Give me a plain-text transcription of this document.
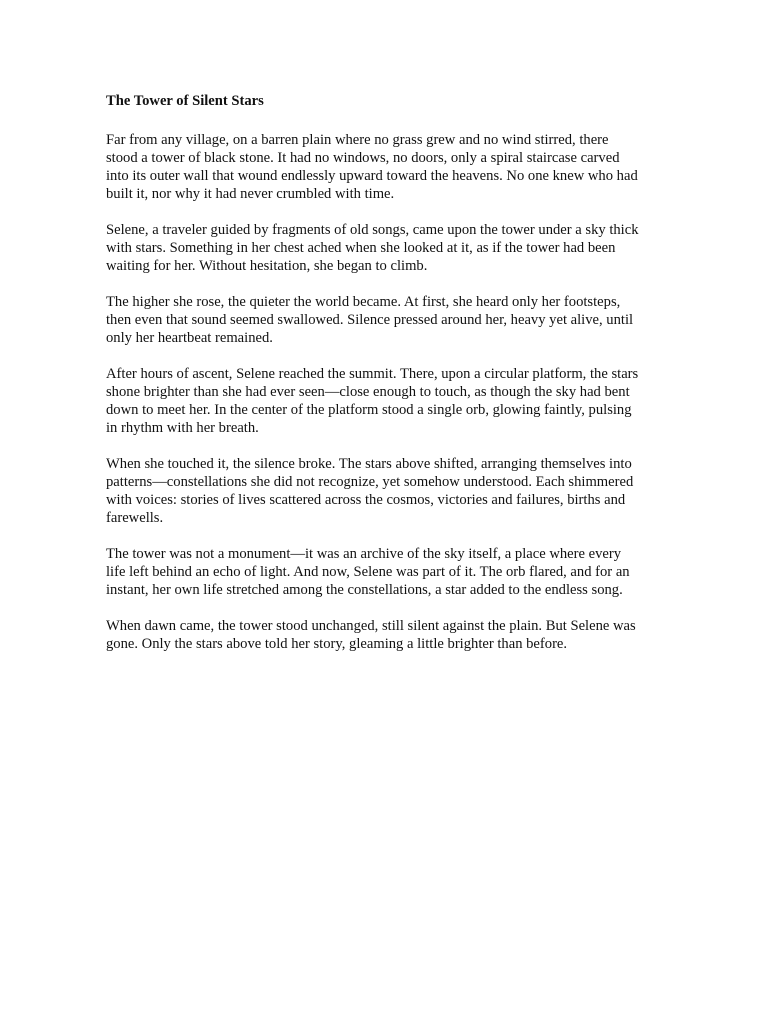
The Tower of Silent Stars
Far from any village, on a barren plain where no grass grew and no wind stirred, there
stood a tower of black stone. It had no windows, no doors, only a spiral staircase carved
into its outer wall that wound endlessly upward toward the heavens. No one knew who had
built it, nor why it had never crumbled with time.
Selene, a traveler guided by fragments of old songs, came upon the tower under a sky thick
with stars. Something in her chest ached when she looked at it, as if the tower had been
waiting for her. Without hesitation, she began to climb.
The higher she rose, the quieter the world became. At first, she heard only her footsteps,
then even that sound seemed swallowed. Silence pressed around her, heavy yet alive, until
only her heartbeat remained.
After hours of ascent, Selene reached the summit. There, upon a circular platform, the stars
shone brighter than she had ever seen—close enough to touch, as though the sky had bent
down to meet her. In the center of the platform stood a single orb, glowing faintly, pulsing
in rhythm with her breath.
When she touched it, the silence broke. The stars above shifted, arranging themselves into
patterns—constellations she did not recognize, yet somehow understood. Each shimmered
with voices: stories of lives scattered across the cosmos, victories and failures, births and
farewells.
The tower was not a monument—it was an archive of the sky itself, a place where every
life left behind an echo of light. And now, Selene was part of it. The orb flared, and for an
instant, her own life stretched among the constellations, a star added to the endless song.
When dawn came, the tower stood unchanged, still silent against the plain. But Selene was
gone. Only the stars above told her story, gleaming a little brighter than before.
